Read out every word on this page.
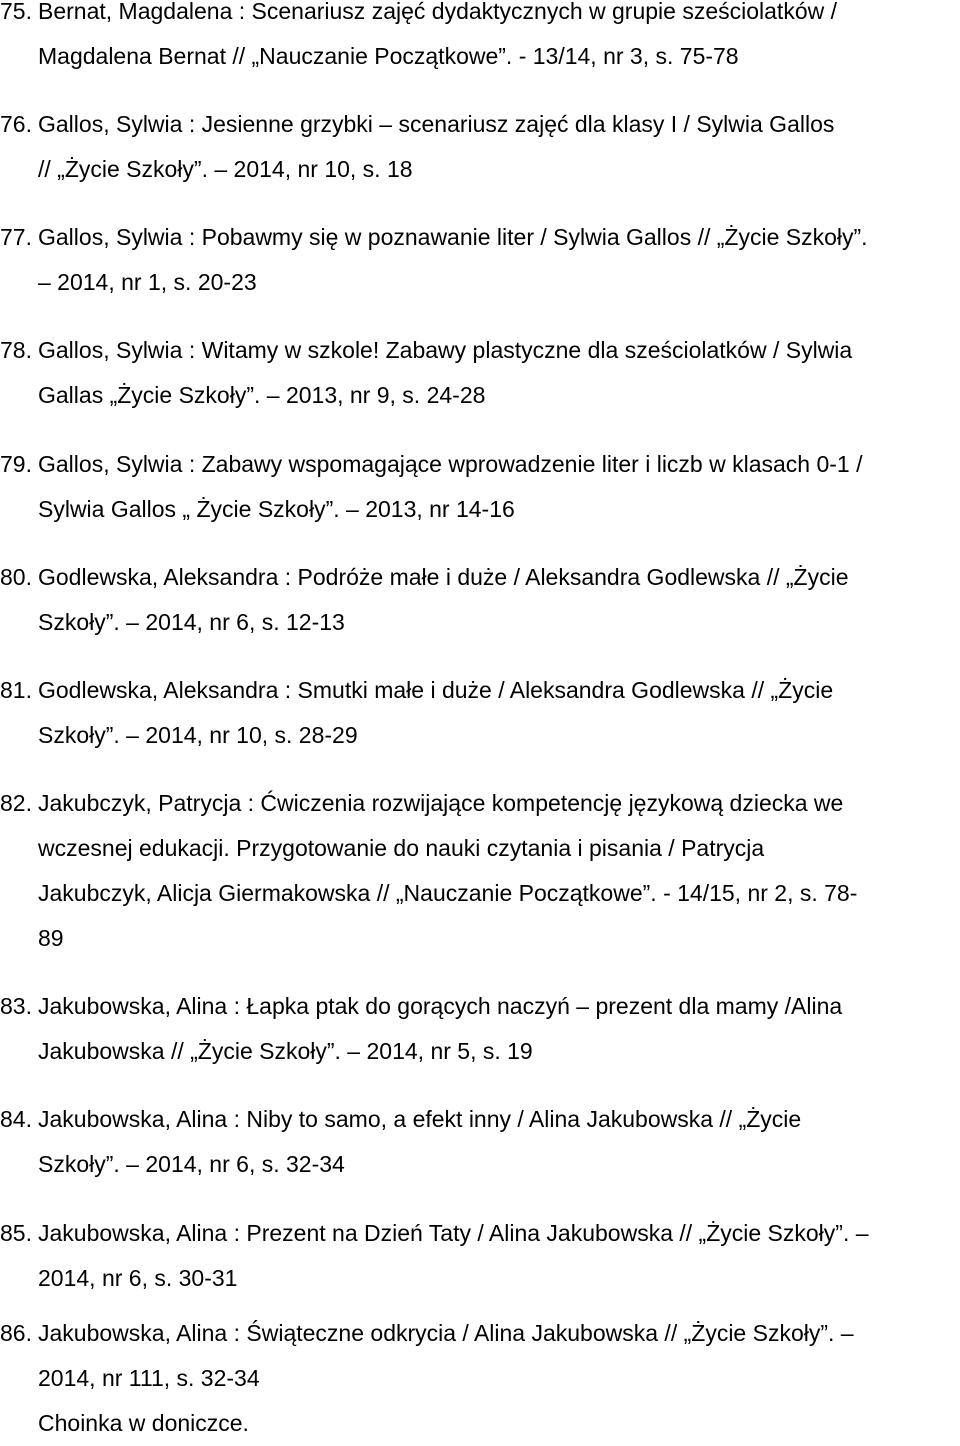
75. Bernat, Magdalena : Scenariusz zajęć dydaktycznych w grupie sześciolatków /
Magdalena Bernat // „Nauczanie Początkowe”. - 13/14, nr 3, s. 75-78
76. Gallos, Sylwia : Jesienne grzybki – scenariusz zajęć dla klasy I / Sylwia Gallos
// „Życie Szkoły”. – 2014, nr 10, s. 18
77. Gallos, Sylwia : Pobawmy się w poznawanie liter / Sylwia Gallos // „Życie Szkoły”.
– 2014, nr 1, s. 20-23
78. Gallos, Sylwia : Witamy w szkole! Zabawy plastyczne dla sześciolatków / Sylwia
Gallas „Życie Szkoły”. – 2013, nr 9, s. 24-28
79. Gallos, Sylwia : Zabawy wspomagające wprowadzenie liter i liczb w klasach 0-1 /
Sylwia Gallos „ Życie Szkoły”. – 2013, nr 14-16
80. Godlewska, Aleksandra : Podróże małe i duże / Aleksandra Godlewska // „Życie
Szkoły”. – 2014, nr 6, s. 12-13
81. Godlewska, Aleksandra : Smutki małe i duże / Aleksandra Godlewska // „Życie
Szkoły”. – 2014, nr 10, s. 28-29
82. Jakubczyk, Patrycja : Ćwiczenia rozwijające kompetencję językową dziecka we
wczesnej edukacji. Przygotowanie do nauki czytania i pisania / Patrycja
Jakubczyk, Alicja Giermakowska // „Nauczanie Początkowe”. - 14/15, nr 2, s. 78-
89
83. Jakubowska, Alina : Łapka ptak do gorących naczyń – prezent dla mamy /Alina
Jakubowska // „Życie Szkoły”. – 2014, nr 5, s. 19
84. Jakubowska, Alina : Niby to samo, a efekt inny / Alina Jakubowska // „Życie
Szkoły”. – 2014, nr 6, s. 32-34
85. Jakubowska, Alina : Prezent na Dzień Taty / Alina Jakubowska // „Życie Szkoły”. –
2014, nr 6, s. 30-31
86. Jakubowska, Alina : Świąteczne odkrycia / Alina Jakubowska // „Życie Szkoły”. –
2014, nr 111, s. 32-34
Choinka w doniczce.
